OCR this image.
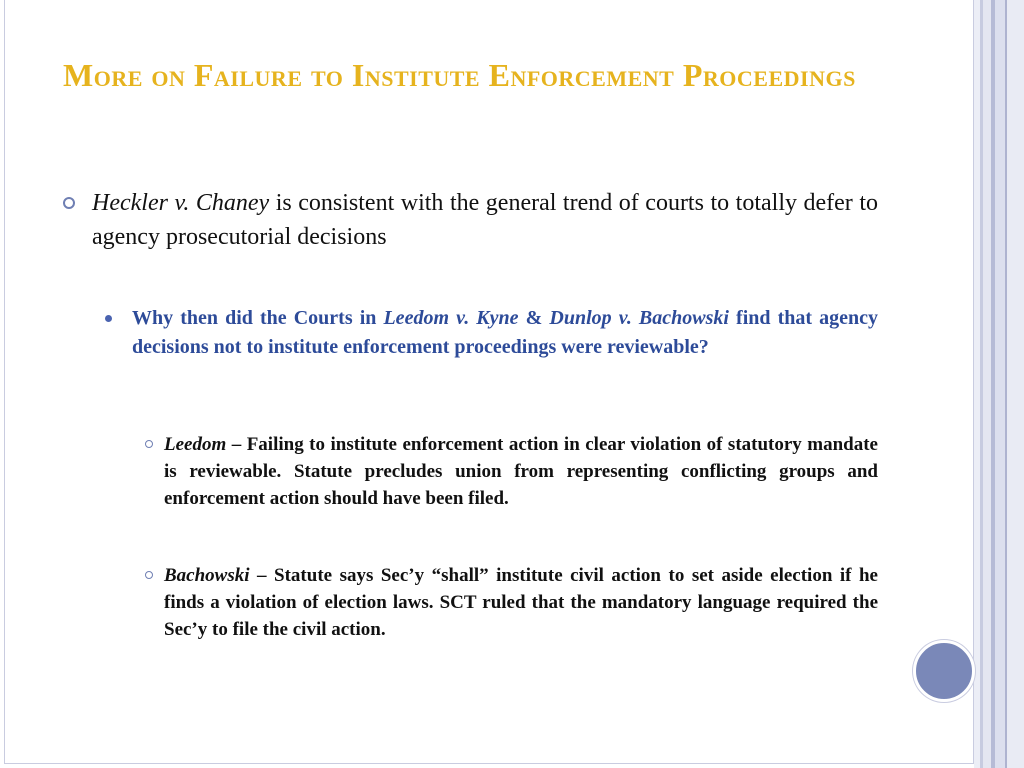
More on Failure to Institute Enforcement Proceedings
Heckler v. Chaney is consistent with the general trend of courts to totally defer to agency prosecutorial decisions
Why then did the Courts in Leedom v. Kyne & Dunlop v. Bachowski find that agency decisions not to institute enforcement proceedings were reviewable?
Leedom – Failing to institute enforcement action in clear violation of statutory mandate is reviewable. Statute precludes union from representing conflicting groups and enforcement action should have been filed.
Bachowski – Statute says Sec’y “shall” institute civil action to set aside election if he finds a violation of election laws. SCT ruled that the mandatory language required the Sec’y to file the civil action.
